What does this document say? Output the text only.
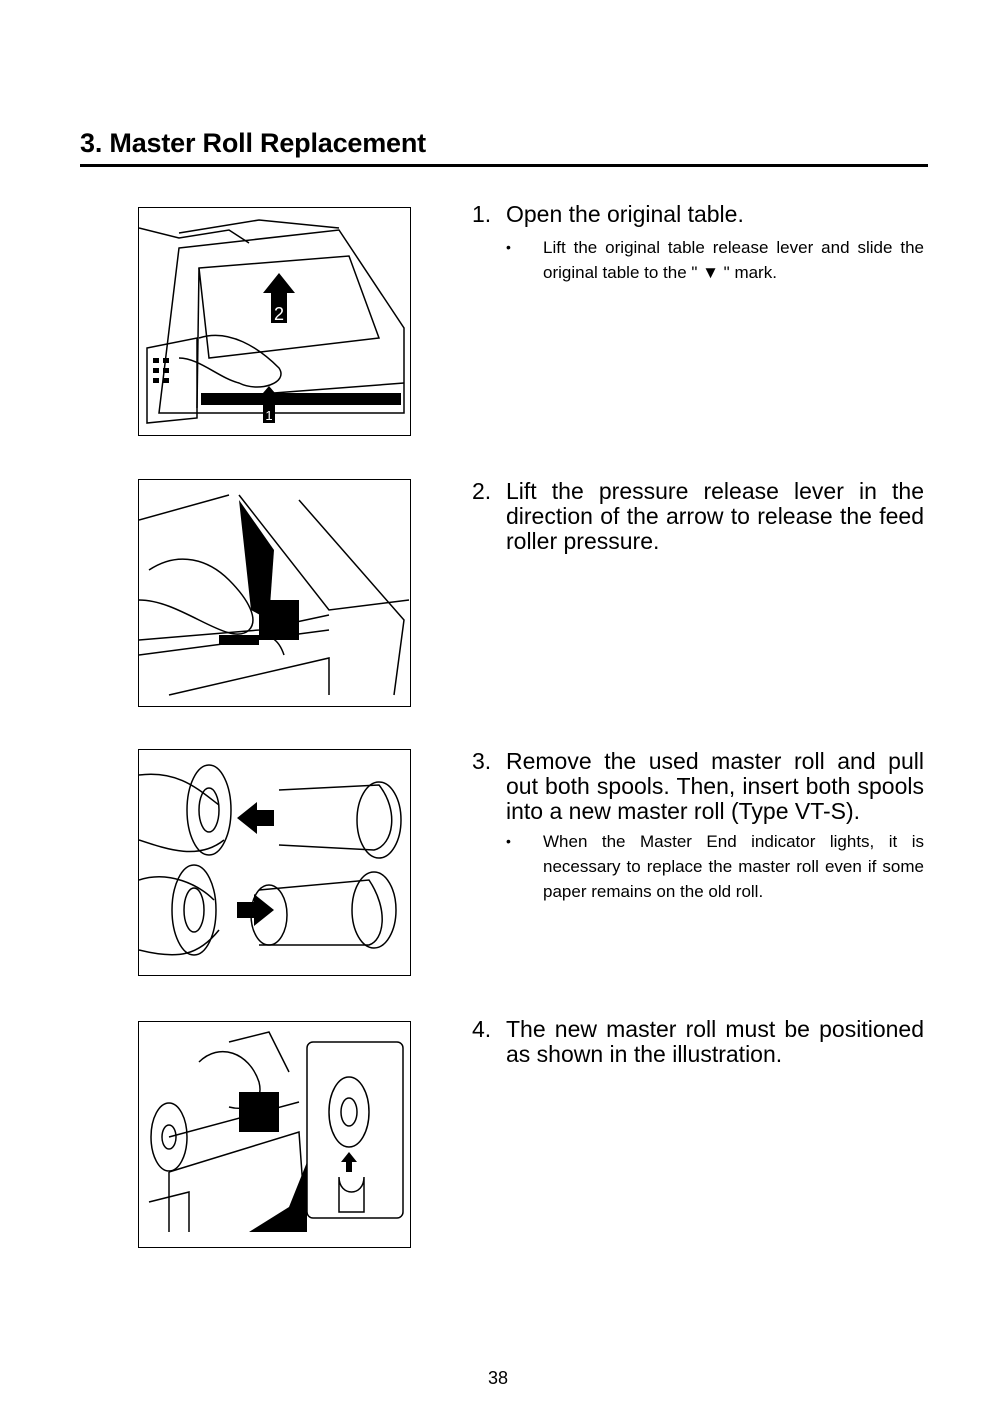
3. Master Roll Replacement
2
1
1. Open the original table.
•	Lift the original table release lever and slide the original table to the " ▼ " mark.
2. Lift the pressure release lever in the direction of the arrow to release the feed roller pressure.
3. Remove the used master roll and pull out both spools. Then, insert both spools into a new master roll (Type VT-S).
•	When the Master End indicator lights, it is necessary to replace the master roll even if some paper remains on the old roll.
4. The new master roll must be positioned as shown in the illustration.
38
